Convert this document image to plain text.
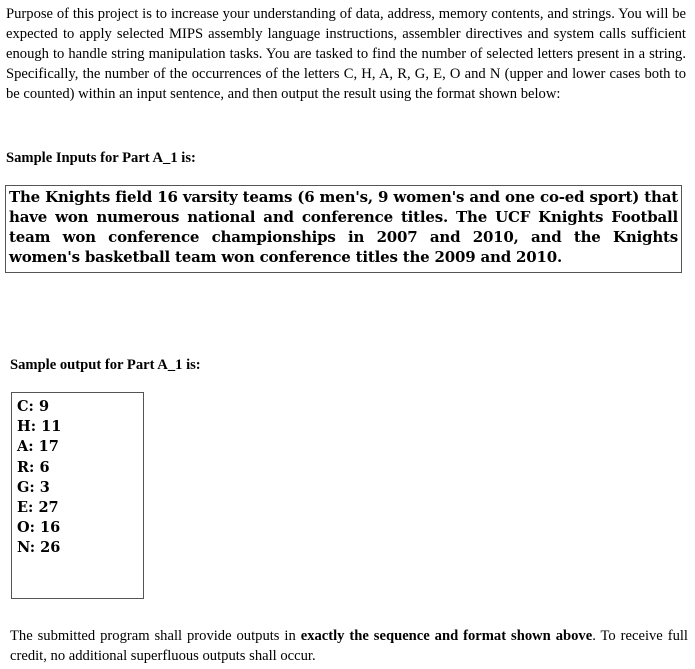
Purpose of this project is to increase your understanding of data, address, memory contents, and strings. You will be expected to apply selected MIPS assembly language instructions, assembler directives and system calls sufficient enough to handle string manipulation tasks. You are tasked to find the number of selected letters present in a string. Specifically, the number of the occurrences of the letters C, H, A, R, G, E, O and N (upper and lower cases both to be counted) within an input sentence, and then output the result using the format shown below:

Sample Inputs for Part A_1 is:

The Knights field 16 varsity teams (6 men's, 9 women's and one co-ed sport) that have won numerous national and conference titles. The UCF Knights Football team won conference championships in 2007 and 2010, and the Knights women's basketball team won conference titles the 2009 and 2010.

Sample output for Part A_1 is:

C: 9
H: 11
A: 17
R: 6
G: 3
E: 27
O: 16
N: 26

The submitted program shall provide outputs in exactly the sequence and format shown above. To receive full credit, no additional superfluous outputs shall occur.
